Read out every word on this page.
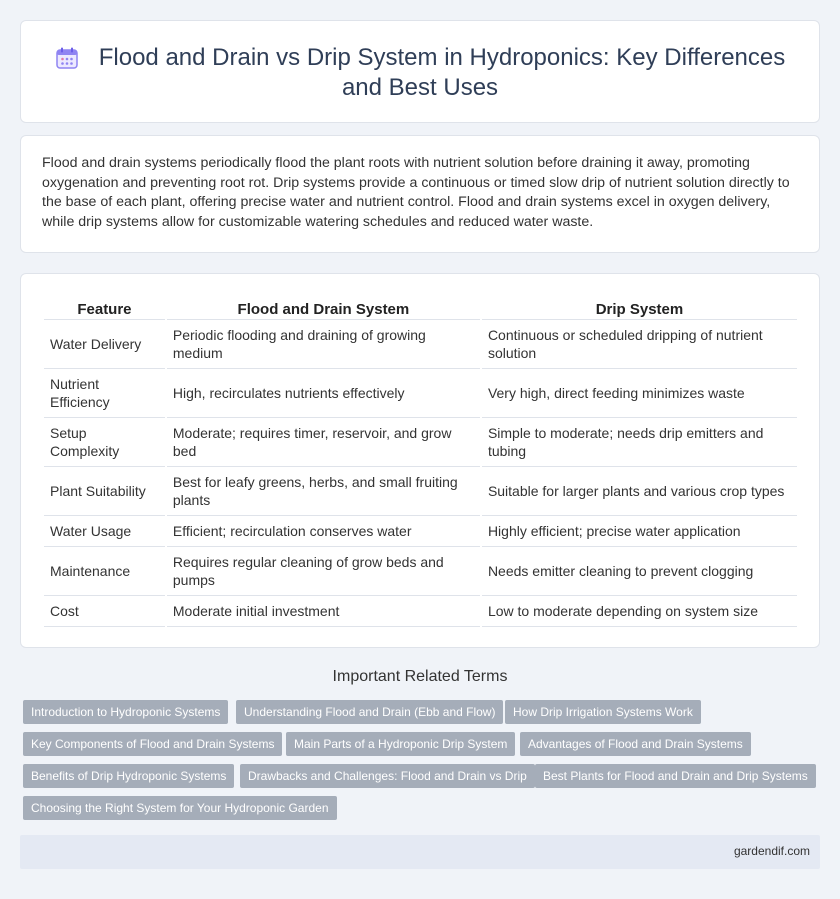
Flood and Drain vs Drip System in Hydroponics: Key Differences and Best Uses

Flood and drain systems periodically flood the plant roots with nutrient solution before draining it away, promoting oxygenation and preventing root rot. Drip systems provide a continuous or timed slow drip of nutrient solution directly to the base of each plant, offering precise water and nutrient control. Flood and drain systems excel in oxygen delivery, while drip systems allow for customizable watering schedules and reduced water waste.

Feature	Flood and Drain System	Drip System
Water Delivery	Periodic flooding and draining of growing medium	Continuous or scheduled dripping of nutrient solution
Nutrient Efficiency	High, recirculates nutrients effectively	Very high, direct feeding minimizes waste
Setup Complexity	Moderate; requires timer, reservoir, and grow bed	Simple to moderate; needs drip emitters and tubing
Plant Suitability	Best for leafy greens, herbs, and small fruiting plants	Suitable for larger plants and various crop types
Water Usage	Efficient; recirculation conserves water	Highly efficient; precise water application
Maintenance	Requires regular cleaning of grow beds and pumps	Needs emitter cleaning to prevent clogging
Cost	Moderate initial investment	Low to moderate depending on system size
Important Related Terms
Introduction to Hydroponic Systems	Understanding Flood and Drain (Ebb and Flow)	How Drip Irrigation Systems Work
Key Components of Flood and Drain Systems	Main Parts of a Hydroponic Drip System	Advantages of Flood and Drain Systems
Benefits of Drip Hydroponic Systems	Drawbacks and Challenges: Flood and Drain vs Drip	Best Plants for Flood and Drain and Drip Systems
Choosing the Right System for Your Hydroponic Garden
gardendif.com
